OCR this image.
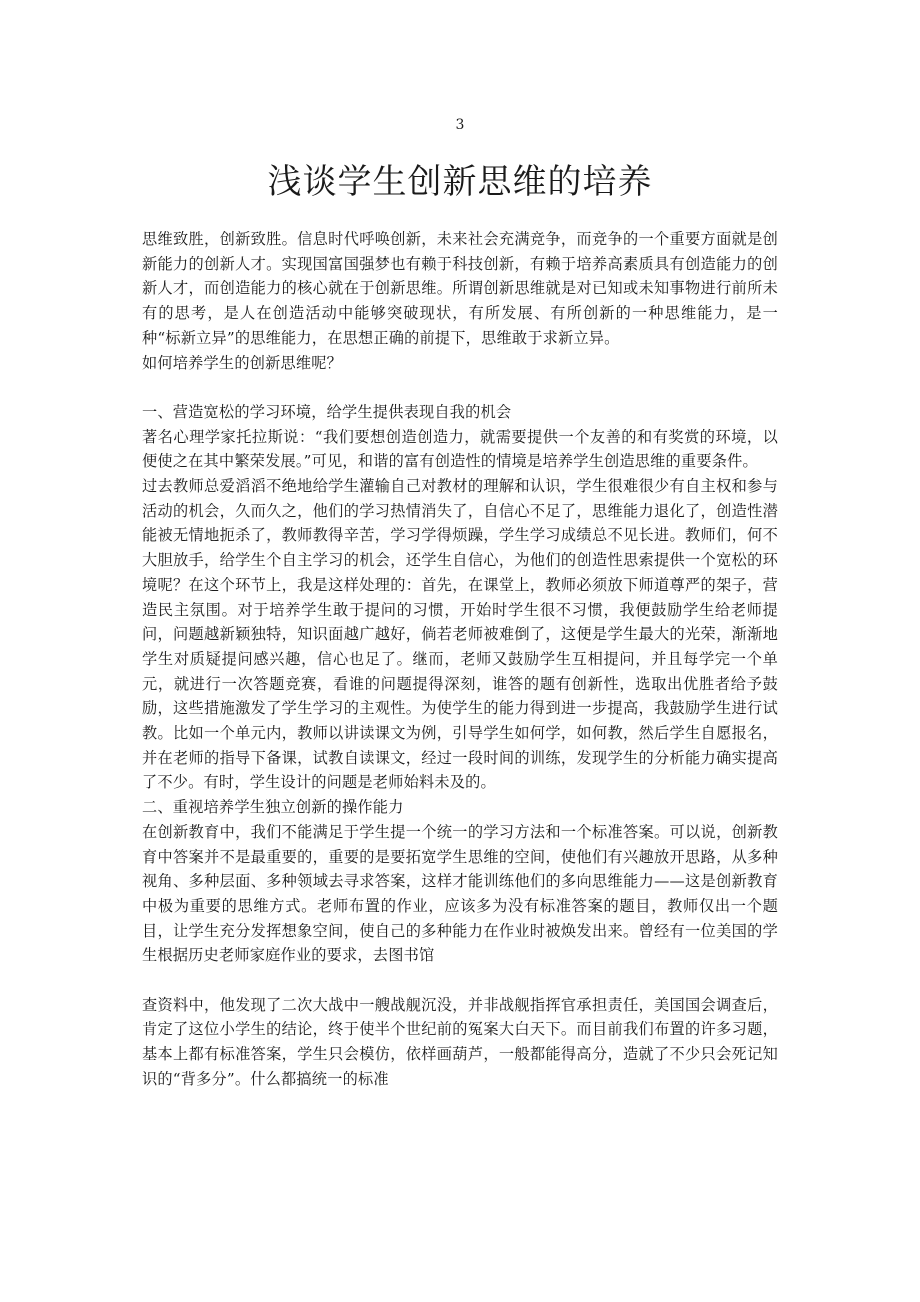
3
浅谈学生创新思维的培养

思维致胜，创新致胜。信息时代呼唤创新，未来社会充满竞争，而竞争的一个重要方面就是创新能力的创新人才。实现国富国强梦也有赖于科技创新，有赖于培养高素质具有创造能力的创新人才，而创造能力的核心就在于创新思维。所谓创新思维就是对已知或未知事物进行前所未有的思考，是人在创造活动中能够突破现状，有所发展、有所创新的一种思维能力，是一种“标新立异”的思维能力，在思想正确的前提下，思维敢于求新立异。

如何培养学生的创新思维呢？

一、营造宽松的学习环境，给学生提供表现自我的机会

著名心理学家托拉斯说：“我们要想创造创造力，就需要提供一个友善的和有奖赏的环境，以便使之在其中繁荣发展。”可见，和谐的富有创造性的情境是培养学生创造思维的重要条件。

过去教师总爱滔滔不绝地给学生灌输自己对教材的理解和认识，学生很难很少有自主权和参与活动的机会，久而久之，他们的学习热情消失了，自信心不足了，思维能力退化了，创造性潜能被无情地扼杀了，教师教得辛苦，学习学得烦躁，学生学习成绩总不见长进。教师们，何不大胆放手，给学生个自主学习的机会，还学生自信心，为他们的创造性思索提供一个宽松的环境呢？在这个环节上，我是这样处理的：首先，在课堂上，教师必须放下师道尊严的架子，营造民主氛围。对于培养学生敢于提问的习惯，开始时学生很不习惯，我便鼓励学生给老师提问，问题越新颖独特，知识面越广越好，倘若老师被难倒了，这便是学生最大的光荣，渐渐地学生对质疑提问感兴趣，信心也足了。继而，老师又鼓励学生互相提问，并且每学完一个单元，就进行一次答题竞赛，看谁的问题提得深刻，谁答的题有创新性，选取出优胜者给予鼓励，这些措施激发了学生学习的主观性。为使学生的能力得到进一步提高，我鼓励学生进行试教。比如一个单元内，教师以讲读课文为例，引导学生如何学，如何教，然后学生自愿报名，并在老师的指导下备课，试教自读课文，经过一段时间的训练，发现学生的分析能力确实提高了不少。有时，学生设计的问题是老师始料未及的。

二、重视培养学生独立创新的操作能力

在创新教育中，我们不能满足于学生提一个统一的学习方法和一个标准答案。可以说，创新教育中答案并不是最重要的，重要的是要拓宽学生思维的空间，使他们有兴趣放开思路，从多种视角、多种层面、多种领域去寻求答案，这样才能训练他们的多向思维能力——这是创新教育中极为重要的思维方式。老师布置的作业，应该多为没有标准答案的题目，教师仅出一个题目，让学生充分发挥想象空间，使自己的多种能力在作业时被焕发出来。曾经有一位美国的学生根据历史老师家庭作业的要求，去图书馆

查资料中，他发现了二次大战中一艘战舰沉没，并非战舰指挥官承担责任，美国国会调查后，肯定了这位小学生的结论，终于使半个世纪前的冤案大白天下。而目前我们布置的许多习题，基本上都有标准答案，学生只会模仿，依样画葫芦，一般都能得高分，造就了不少只会死记知识的“背多分”。什么都搞统一的标准
